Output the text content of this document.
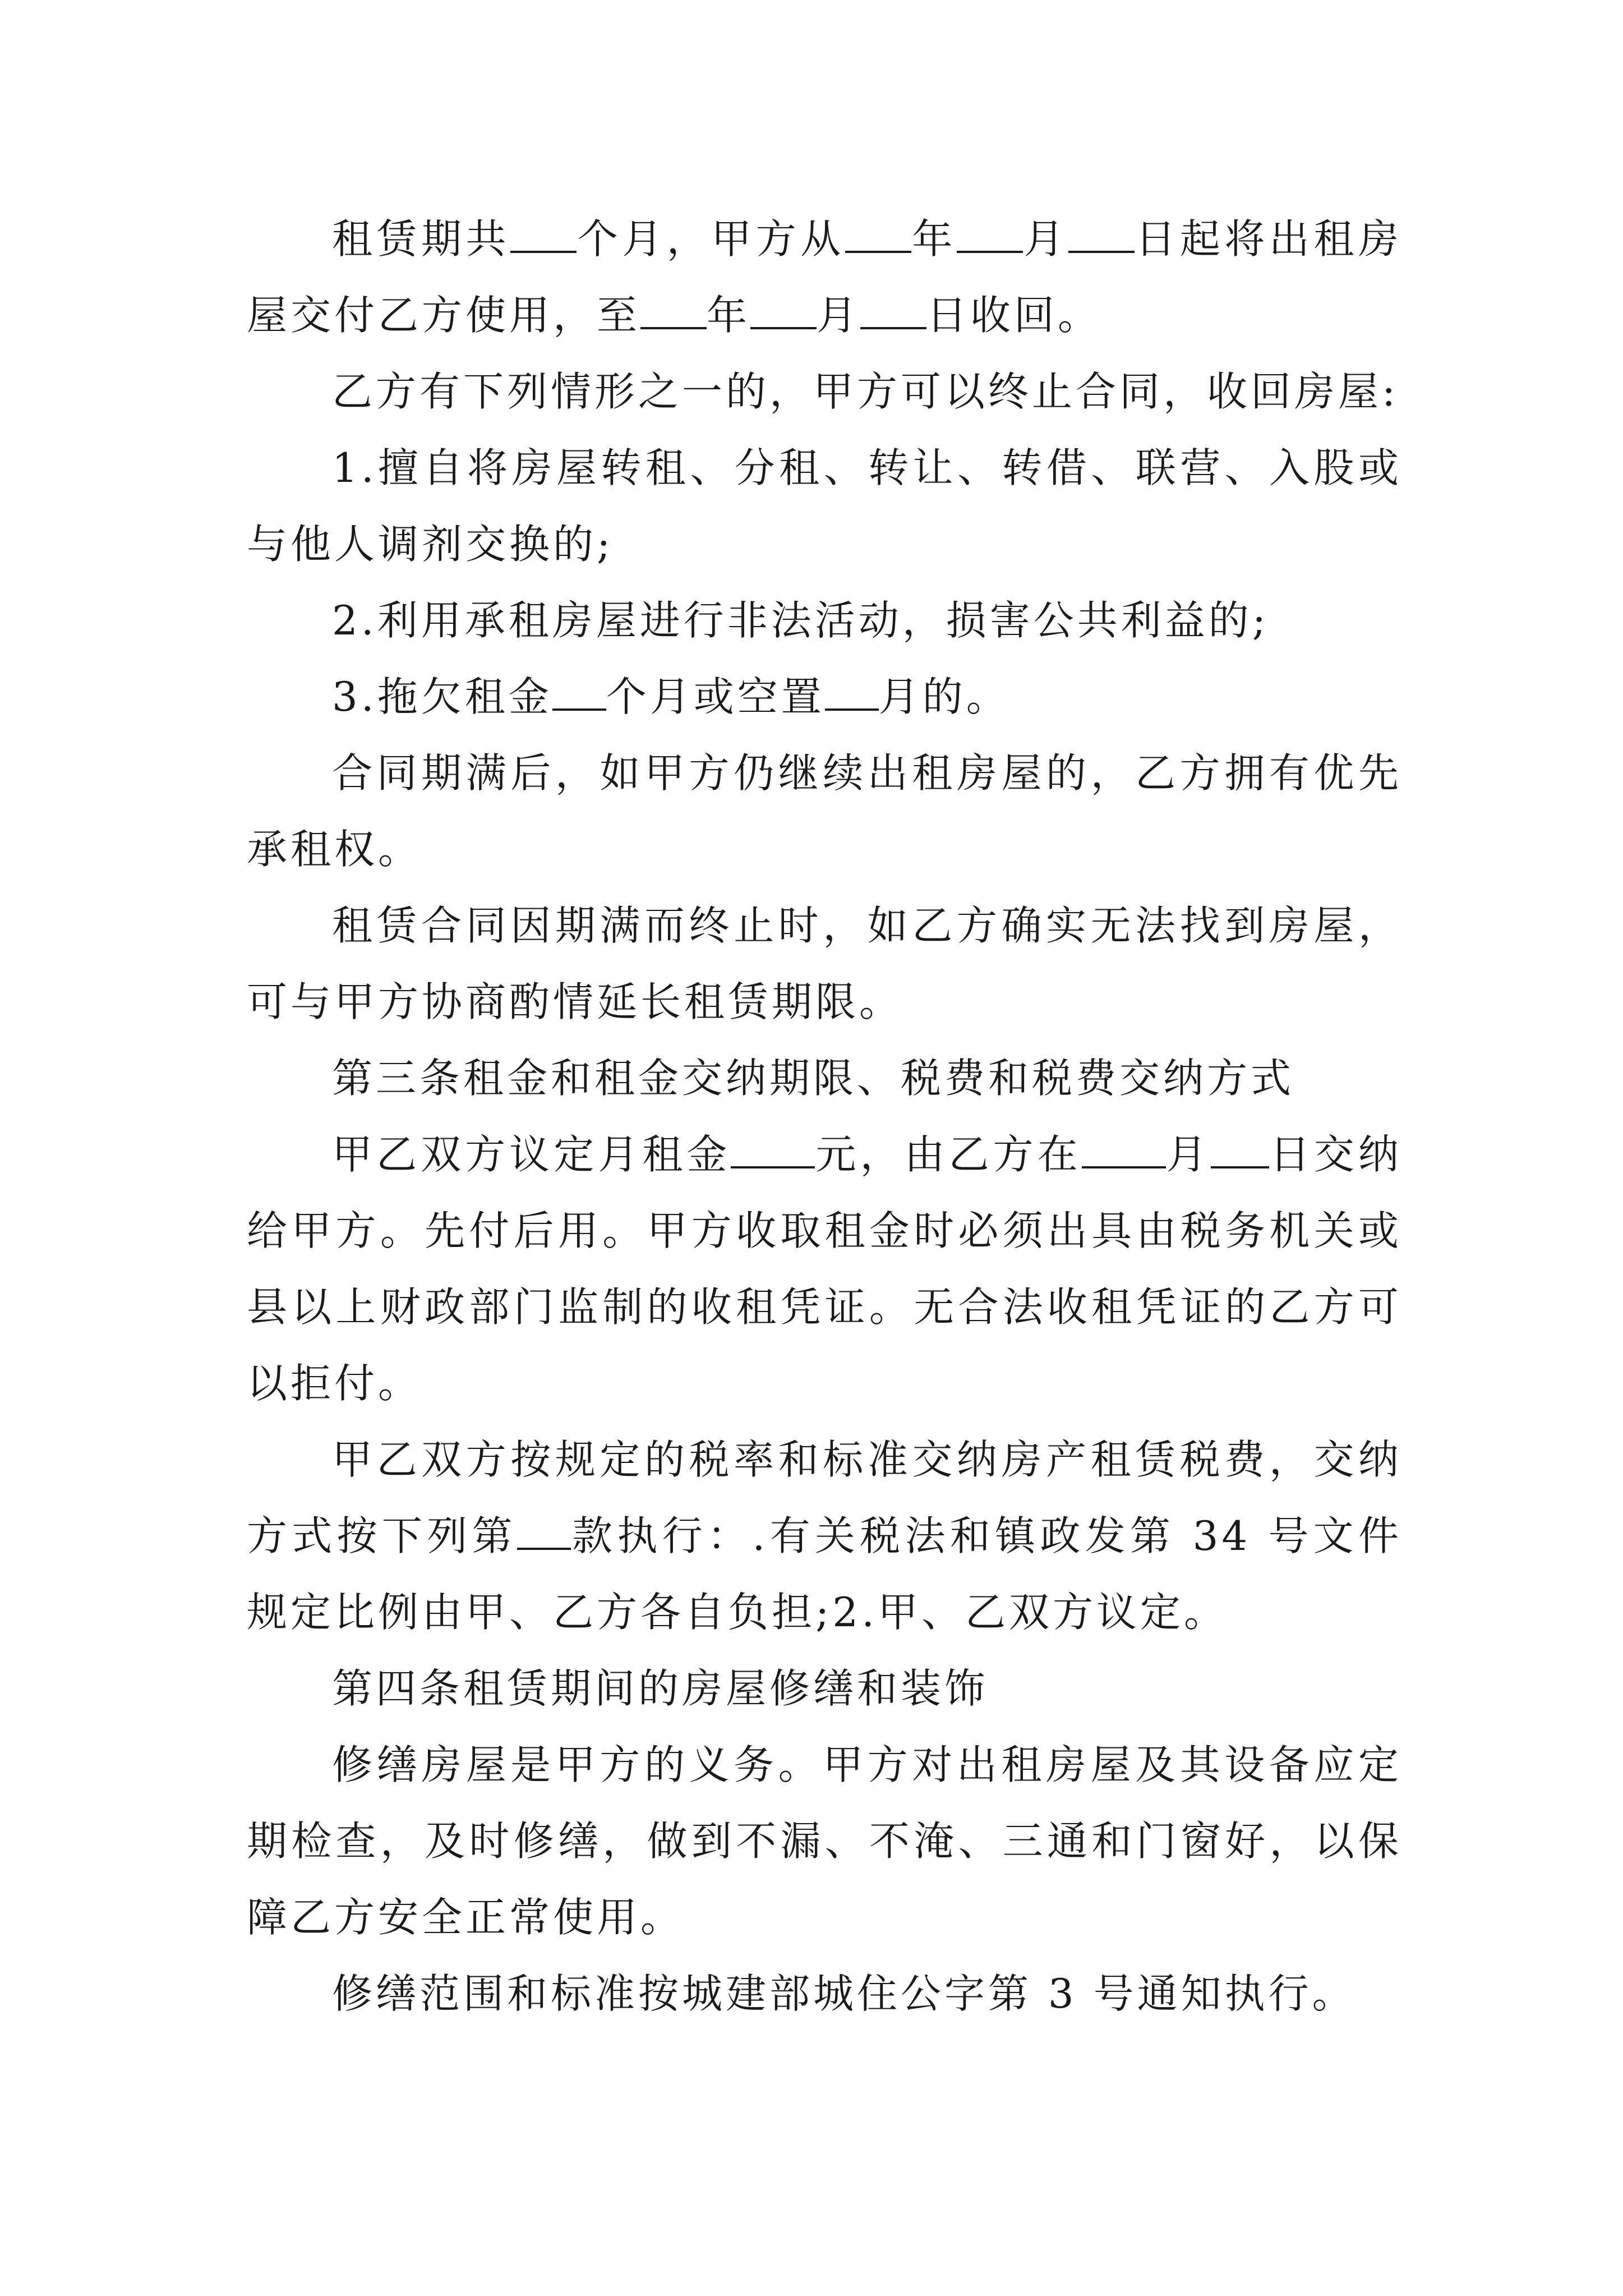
租赁期共 个月，甲方从 年 月 日起将出租房屋交付乙方使用，至 年 月 日收回。

乙方有下列情形之一的，甲方可以终止合同，收回房屋:

1.擅自将房屋转租、分租、转让、转借、联营、入股或与他人调剂交换的;

2.利用承租房屋进行非法活动，损害公共利益的;

3.拖欠租金 个月或空置 月的。

合同期满后，如甲方仍继续出租房屋的，乙方拥有优先承租权。

租赁合同因期满而终止时，如乙方确实无法找到房屋，可与甲方协商酌情延长租赁期限。

第三条租金和租金交纳期限、税费和税费交纳方式

甲乙双方议定月租金 元，由乙方在 月 日交纳给甲方。先付后用。甲方收取租金时必须出具由税务机关或县以上财政部门监制的收租凭证。无合法收租凭证的乙方可以拒付。

甲乙双方按规定的税率和标准交纳房产租赁税费，交纳方式按下列第 款执行：.有关税法和镇政发第 34 号文件规定比例由甲、乙方各自负担;2.甲、乙双方议定。

第四条租赁期间的房屋修缮和装饰

修缮房屋是甲方的义务。甲方对出租房屋及其设备应定期检查，及时修缮，做到不漏、不淹、三通和门窗好，以保障乙方安全正常使用。

修缮范围和标准按城建部城住公字第 3 号通知执行。
